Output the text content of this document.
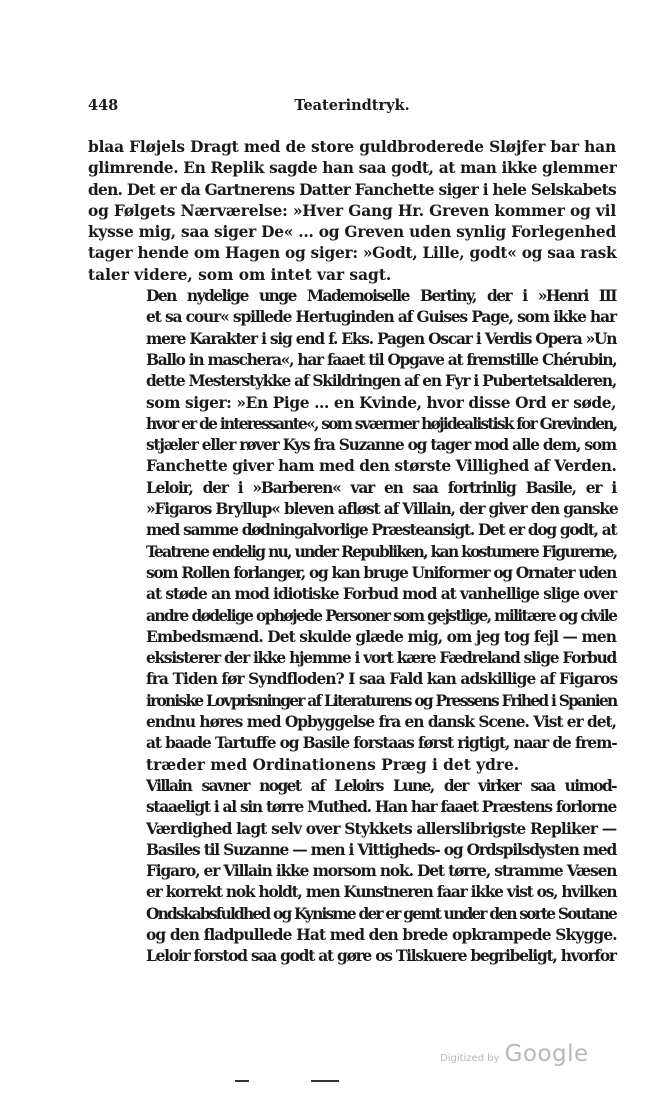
448	Teaterindtryk.

blaa Fløjels Dragt med de store guldbroderede Sløjfer bar han
glimrende. En Replik sagde han saa godt, at man ikke glemmer
den. Det er da Gartnerens Datter Fanchette siger i hele Selskabets
og Følgets Nærværelse: »Hver Gang Hr. Greven kommer og vil
kysse mig, saa siger De« ... og Greven uden synlig Forlegenhed
tager hende om Hagen og siger: »Godt, Lille, godt« og saa rask
taler videre, som om intet var sagt.

Den nydelige unge Mademoiselle Bertiny, der i »Henri III
et sa cour« spillede Hertuginden af Guises Page, som ikke har
mere Karakter i sig end f. Eks. Pagen Oscar i Verdis Opera »Un
Ballo in maschera«, har faaet til Opgave at fremstille Chérubin,
dette Mesterstykke af Skildringen af en Fyr i Pubertetsalderen,
som siger: »En Pige ... en Kvinde, hvor disse Ord er søde,
hvor er de interessante«, som sværmer højidealistisk for Grevinden,
stjæler eller røver Kys fra Suzanne og tager mod alle dem, som
Fanchette giver ham med den største Villighed af Verden.

Leloir, der i »Barberen« var en saa fortrinlig Basile, er i
»Figaros Bryllup« bleven afløst af Villain, der giver den ganske
med samme dødningalvorlige Præsteansigt. Det er dog godt, at
Teatrene endelig nu, under Republiken, kan kostumere Figurerne,
som Rollen forlanger, og kan bruge Uniformer og Ornater uden
at støde an mod idiotiske Forbud mod at vanhellige slige over
andre dødelige ophøjede Personer som gejstlige, militære og civile
Embedsmænd. Det skulde glæde mig, om jeg tog fejl — men
eksisterer der ikke hjemme i vort kære Fædreland slige Forbud
fra Tiden før Syndfloden? I saa Fald kan adskillige af Figaros
ironiske Lovprisninger af Literaturens og Pressens Frihed i Spanien
endnu høres med Opbyggelse fra en dansk Scene. Vist er det,
at baade Tartuffe og Basile forstaas først rigtigt, naar de frem-
træder med Ordinationens Præg i det ydre.

Villain savner noget af Leloirs Lune, der virker saa uimod-
staaeligt i al sin tørre Muthed. Han har faaet Præstens forlorne
Værdighed lagt selv over Stykkets allerslibrigste Repliker —
Basiles til Suzanne — men i Vittigheds- og Ordspilsdysten med
Figaro, er Villain ikke morsom nok. Det tørre, stramme Væsen
er korrekt nok holdt, men Kunstneren faar ikke vist os, hvilken
Ondskabsfuldhed og Kynisme der er gemt under den sorte Soutane
og den fladpullede Hat med den brede opkrampede Skygge.
Leloir forstod saa godt at gøre os Tilskuere begribeligt, hvorfor

Digitized by Google
